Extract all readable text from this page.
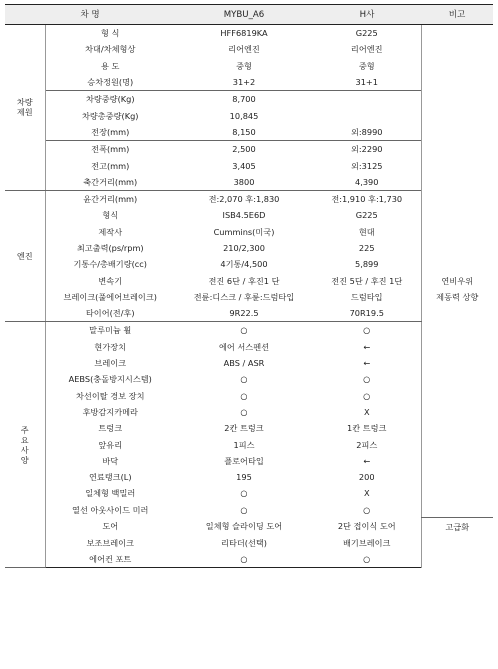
차 명		MYBU_A6	H사	비고
차량
제원	형 식	HFF6819KA	G225	
	차대/차체형상	리어엔진	리어엔진	
	용 도	중형	중형	
	승차정원(명)	31+2	31+1	
	차량중량(Kg)	8,700		
	차량총중량(Kg)	10,845		
	전장(mm)	8,150	외:8990	
	전폭(mm)	2,500	외:2290	
	전고(mm)	3,405	외:3125	
	축간거리(mm)	3800	4,390	
엔진	윤간거리(mm)	전:2,070 후:1,830	전:1,910 후:1,730	
	형식	ISB4.5E6D	G225	
	제작사	Cummins(미국)	현대	
	최고출력(ps/rpm)	210/2,300	225	
	기통수/총배기량(cc)	4기통/4,500	5,899	
	변속기	전진 6단 / 후진1 단	전진 5단 / 후진 1단	연비우위
	브레이크(풀에어브레이크)	전륜:디스크 / 후륜:드럼타입	드럼타입	제동력 상향
	타이어(전/후)	9R22.5	70R19.5	
주
요
사
양	말루미늄 휠	○	○	
	현가장치	에어 서스펜션	←	
	브레이크	ABS / ASR	←	
	AEBS(충돌방지시스템)	○	○	
	차선이탈 경보 장치	○	○	
	후방감지카메라	○	X	
	트렁크	2칸 트렁크	1칸 트렁크	
	앞유리	1피스	2피스	
	바닥	플로어타입	←	
	연료탱크(L)	195	200	
	일체형 백밀러	○	X	
	열선 아웃사이드 미러	○	○	
	도어	일체형 슬라이딩 도어	2단 접이식 도어	고급화
	보조브레이크	리타더(선택)	배기브레이크	
	에어컨 포트	○	○	
